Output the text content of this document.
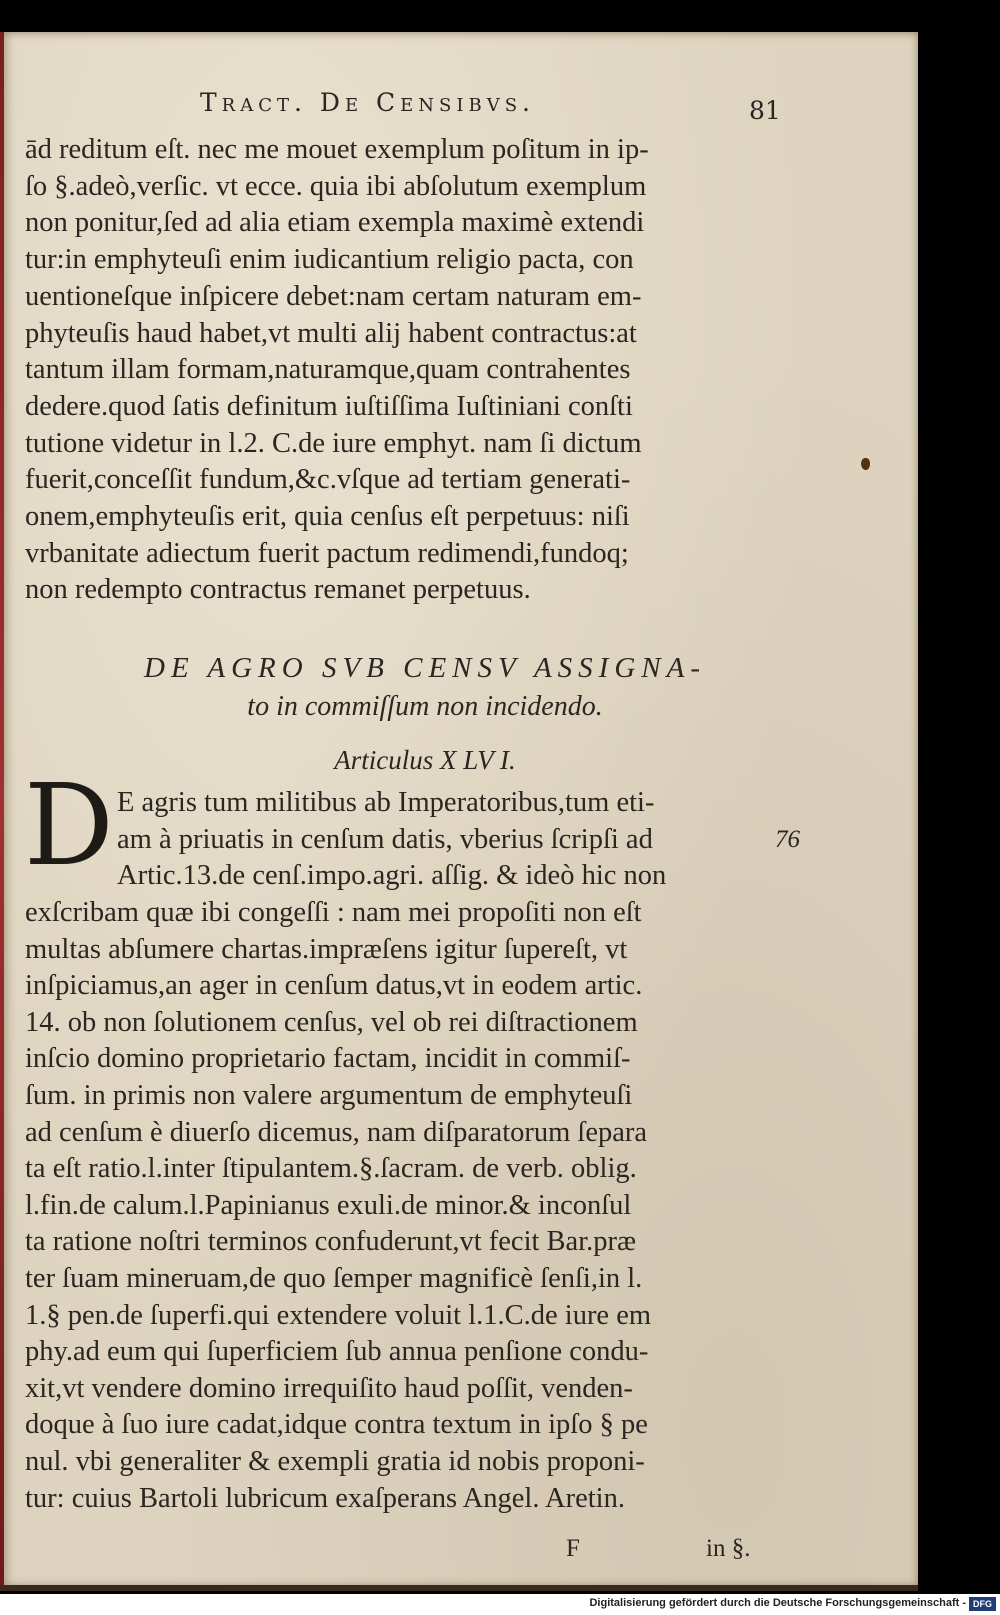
Tract. De Censibvs.	81
ād reditum eſt. nec me mouet exemplum poſitum in ip-
ſo §.adeò,verſic. vt ecce. quia ibi abſolutum exemplum
non ponitur,ſed ad alia etiam exempla maximè extendi
tur:in emphyteuſi enim iudicantium religio pacta, con
uentioneſque inſpicere debet:nam certam naturam em-
phyteuſis haud habet,vt multi alij habent contractus:at
tantum illam formam,naturamque,quam contrahentes
dedere.quod ſatis definitum iuſtiſſima Iuſtiniani conſti
tutione videtur in l.2. C.de iure emphyt. nam ſi dictum
fuerit,conceſſit fundum,&c.vſque ad tertiam generati-
onem,emphyteuſis erit, quia cenſus eſt perpetuus: niſi
vrbanitate adiectum fuerit pactum redimendi,fundoq;
non redempto contractus remanet perpetuus.
DE AGRO SVB CENSV ASSIGNA-
to in commiſſum non incidendo.
Articulus X LV I.
D E agris tum militibus ab Imperatoribus,tum eti-
am à priuatis in cenſum datis, vberius ſcripſi ad
Artic.13.de cenſ.impo.agri. aſſig. & ideò hic non
76
exſcribam quæ ibi congeſſi : nam mei propoſiti non eſt
multas abſumere chartas.impræſens igitur ſupereſt, vt
inſpiciamus,an ager in cenſum datus,vt in eodem artic.
14. ob non ſolutionem cenſus, vel ob rei diſtractionem
inſcio domino proprietario factam, incidit in commiſ-
ſum. in primis non valere argumentum de emphyteuſi
ad cenſum è diuerſo dicemus, nam diſparatorum ſepara
ta eſt ratio.l.inter ſtipulantem.§.ſacram. de verb. oblig.
l.fin.de calum.l.Papinianus exuli.de minor.& inconſul
ta ratione noſtri terminos confuderunt,vt fecit Bar.præ
ter ſuam mineruam,de quo ſemper magnificè ſenſi,in l.
1.§ pen.de ſuperfi.qui extendere voluit l.1.C.de iure em
phy.ad eum qui ſuperficiem ſub annua penſione condu-
xit,vt vendere domino irrequiſito haud poſſit, venden-
doque à ſuo iure cadat,idque contra textum in ipſo § pe
nul. vbi generaliter & exempli gratia id nobis proponi-
tur: cuius Bartoli lubricum exaſperans Angel. Aretin.
F	in §.
Digitalisierung gefördert durch die Deutsche Forschungsgemeinschaft - DFG
